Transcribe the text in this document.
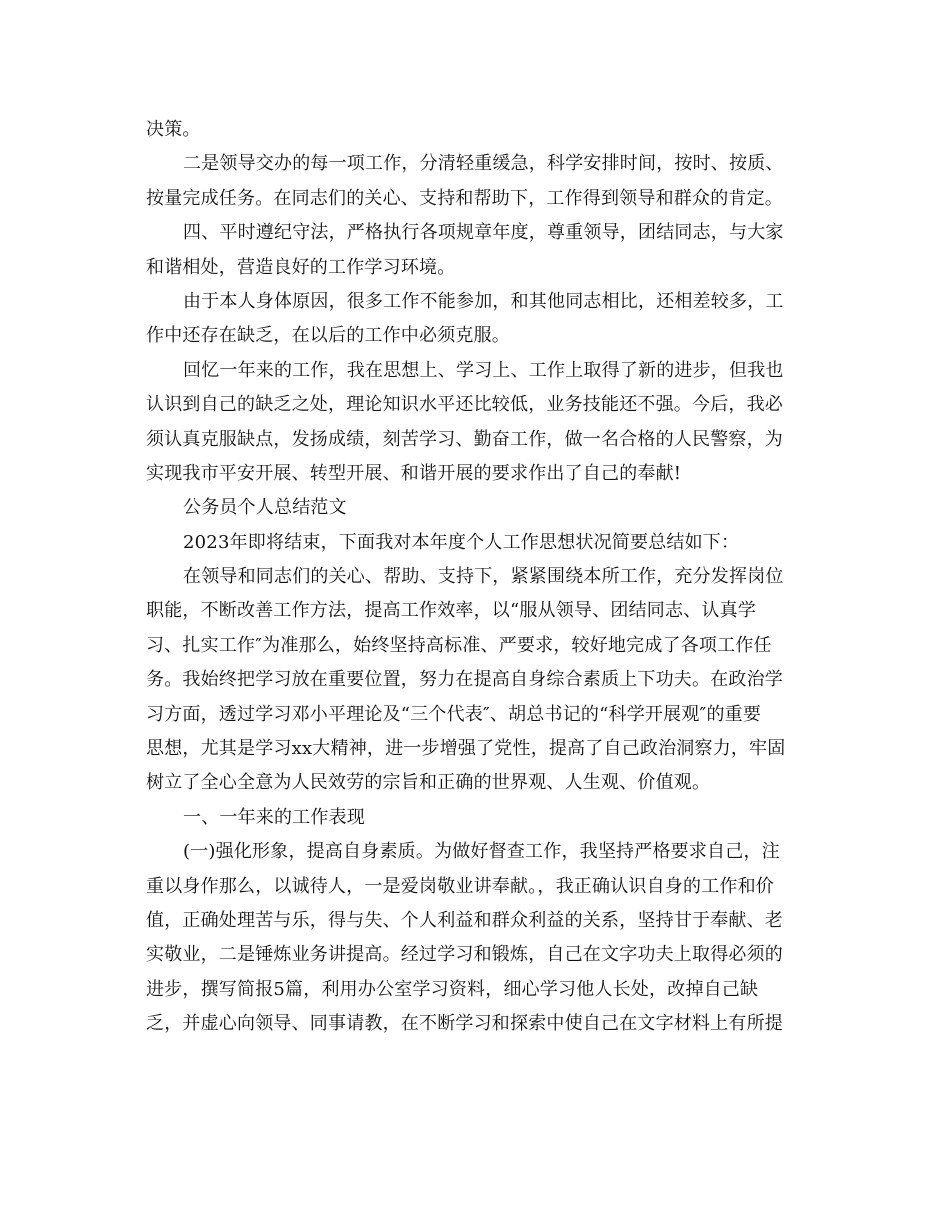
决策。
二是领导交办的每一项工作，分清轻重缓急，科学安排时间，按时、按质、
按量完成任务。在同志们的关心、支持和帮助下，工作得到领导和群众的肯定。
四、平时遵纪守法，严格执行各项规章年度，尊重领导，团结同志，与大家
和谐相处，营造良好的工作学习环境。
由于本人身体原因，很多工作不能参加，和其他同志相比，还相差较多，工
作中还存在缺乏，在以后的工作中必须克服。
回忆一年来的工作，我在思想上、学习上、工作上取得了新的进步，但我也
认识到自己的缺乏之处，理论知识水平还比较低，业务技能还不强。今后，我必
须认真克服缺点，发扬成绩，刻苦学习、勤奋工作，做一名合格的人民警察，为
实现我市平安开展、转型开展、和谐开展的要求作出了自己的奉献!
公务员个人总结范文
2023年即将结束，下面我对本年度个人工作思想状况简要总结如下：
在领导和同志们的关心、帮助、支持下，紧紧围绕本所工作，充分发挥岗位
职能，不断改善工作方法，提高工作效率，以“服从领导、团结同志、认真学
习、扎实工作″为准那么，始终坚持高标准、严要求，较好地完成了各项工作任
务。我始终把学习放在重要位置，努力在提高自身综合素质上下功夫。在政治学
习方面，透过学习邓小平理论及“三个代表″、胡总书记的“科学开展观″的重要
思想，尤其是学习xx大精神，进一步增强了党性，提高了自己政治洞察力，牢固
树立了全心全意为人民效劳的宗旨和正确的世界观、人生观、价值观。
一、一年来的工作表现
(一)强化形象，提高自身素质。为做好督查工作，我坚持严格要求自己，注
重以身作那么，以诚待人，一是爱岗敬业讲奉献。，我正确认识自身的工作和价
值，正确处理苦与乐，得与失、个人利益和群众利益的关系，坚持甘于奉献、老
实敬业，二是锤炼业务讲提高。经过学习和锻炼，自己在文字功夫上取得必须的
进步，撰写简报5篇，利用办公室学习资料，细心学习他人长处，改掉自己缺
乏，并虚心向领导、同事请教，在不断学习和探索中使自己在文字材料上有所提
